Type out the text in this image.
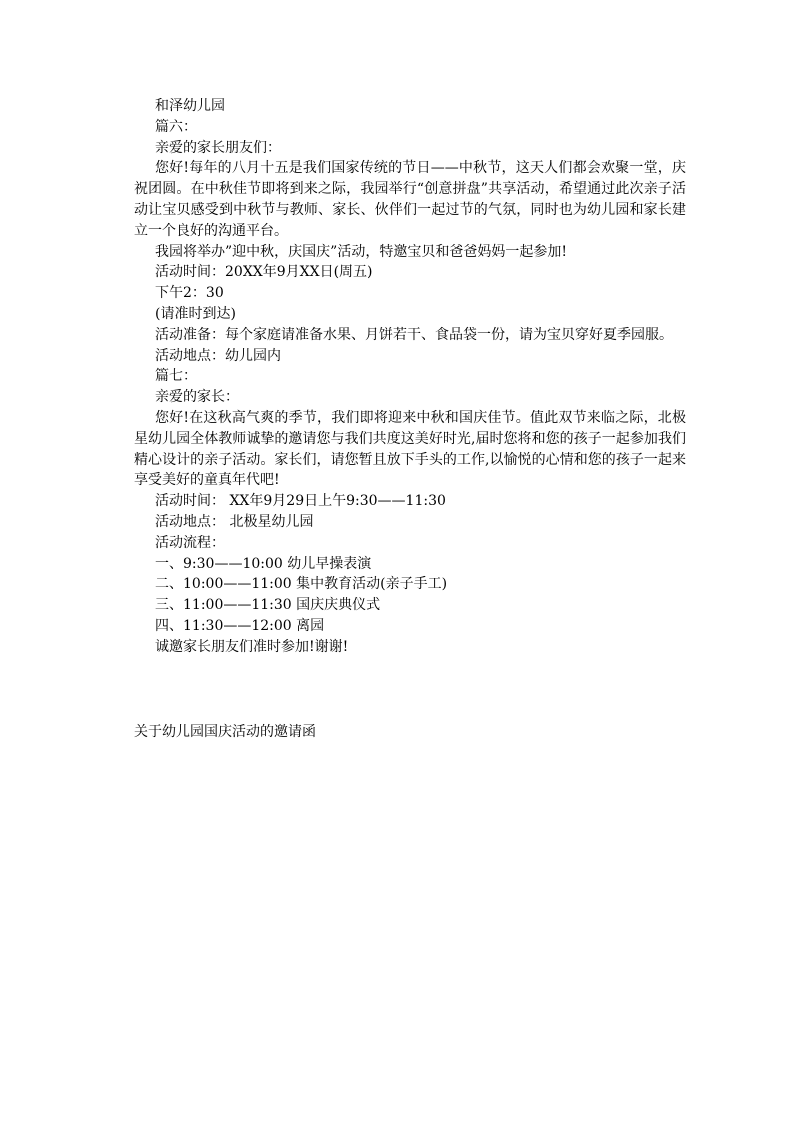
和泽幼儿园

篇六：

亲爱的家长朋友们：

您好!每年的八月十五是我们国家传统的节日——中秋节，这天人们都会欢聚一堂，庆祝团圆。在中秋佳节即将到来之际，我园举行“创意拼盘”共享活动，希望通过此次亲子活动让宝贝感受到中秋节与教师、家长、伙伴们一起过节的气氛，同时也为幼儿园和家长建立一个良好的沟通平台。

我园将举办”迎中秋，庆国庆”活动，特邀宝贝和爸爸妈妈一起参加!

活动时间：20XX年9月XX日(周五)

下午2：30

(请准时到达)

活动准备：每个家庭请准备水果、月饼若干、食品袋一份，请为宝贝穿好夏季园服。

活动地点：幼儿园内

篇七：

亲爱的家长：

您好!在这秋高气爽的季节，我们即将迎来中秋和国庆佳节。值此双节来临之际，北极星幼儿园全体教师诚挚的邀请您与我们共度这美好时光,届时您将和您的孩子一起参加我们精心设计的亲子活动。家长们，请您暂且放下手头的工作,以愉悦的心情和您的孩子一起来享受美好的童真年代吧!

活动时间： XX年9月29日上午9:30——11:30

活动地点： 北极星幼儿园

活动流程：

一、9:30——10:00 幼儿早操表演

二、10:00——11:00 集中教育活动(亲子手工)

三、11:00——11:30 国庆庆典仪式

四、11:30——12:00 离园

诚邀家长朋友们准时参加!谢谢!

关于幼儿园国庆活动的邀请函
